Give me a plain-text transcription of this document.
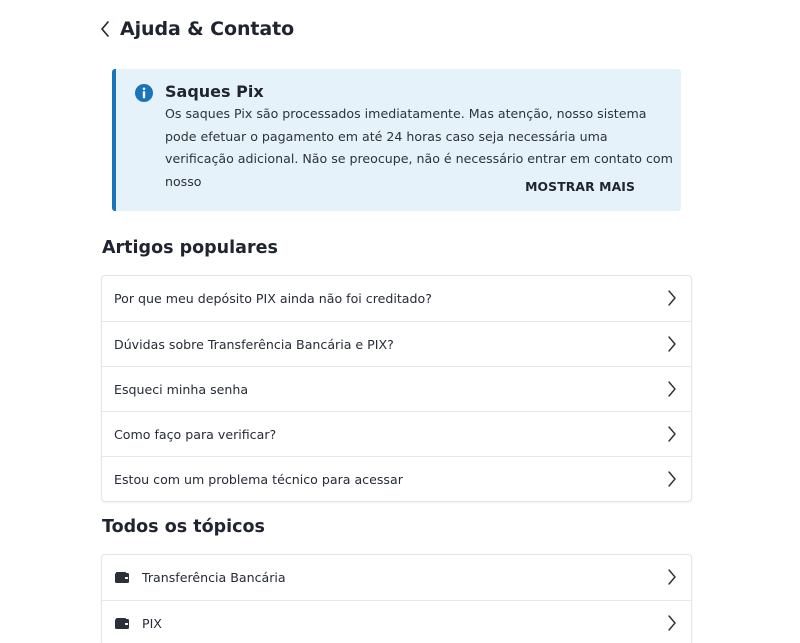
Ajuda & Contato
Saques Pix
Os saques Pix são processados imediatamente. Mas atenção, nosso sistema pode efetuar o pagamento em até 24 horas caso seja necessária uma verificação adicional. Não se preocupe, não é necessário entrar em contato com nosso	MOSTRAR MAIS
Artigos populares
Por que meu depósito PIX ainda não foi creditado?
Dúvidas sobre Transferência Bancária e PIX?
Esqueci minha senha
Como faço para verificar?
Estou com um problema técnico para acessar
Todos os tópicos
Transferência Bancária
PIX
